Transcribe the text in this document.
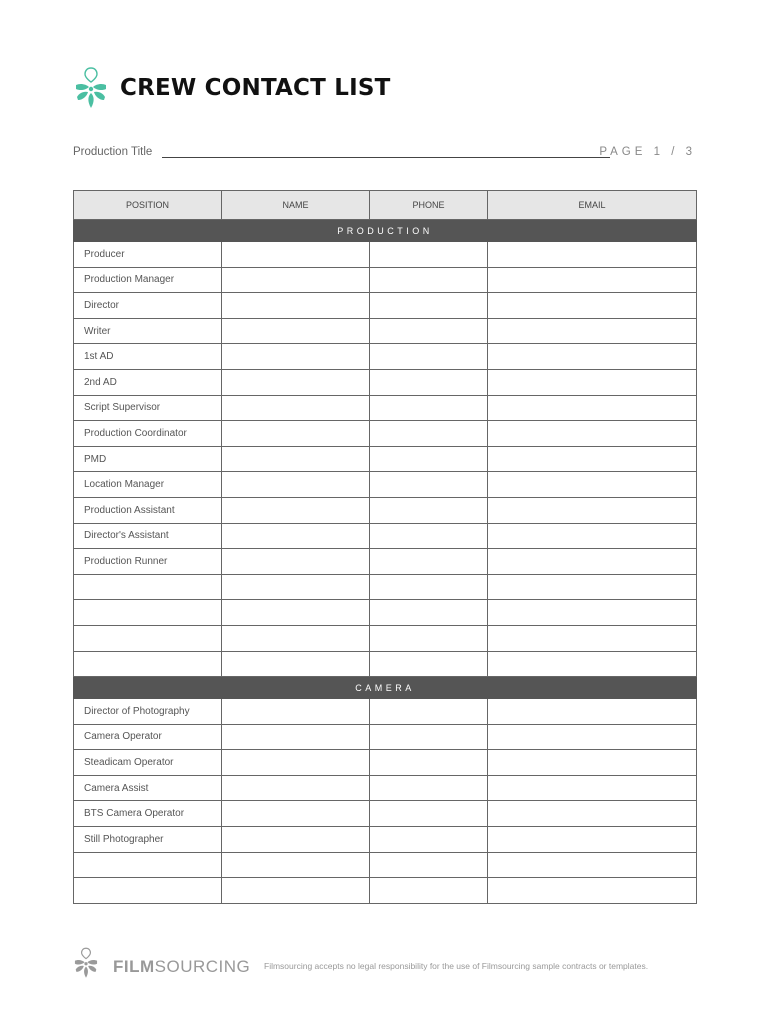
CREW CONTACT LIST
Production Title	PAGE 1 / 3
POSITION	NAME	PHONE	EMAIL
PRODUCTION			
Producer			
Production Manager			
Director			
Writer			
1st AD			
2nd AD			
Script Supervisor			
Production Coordinator			
PMD			
Location Manager			
Production Assistant			
Director's Assistant			
Production Runner			

CAMERA			
Director of Photography			
Camera Operator			
Steadicam Operator			
Camera Assist			
BTS Camera Operator			
Still Photographer			

FILMSOURCING Filmsourcing accepts no legal responsibility for the use of Filmsourcing sample contracts or templates.
